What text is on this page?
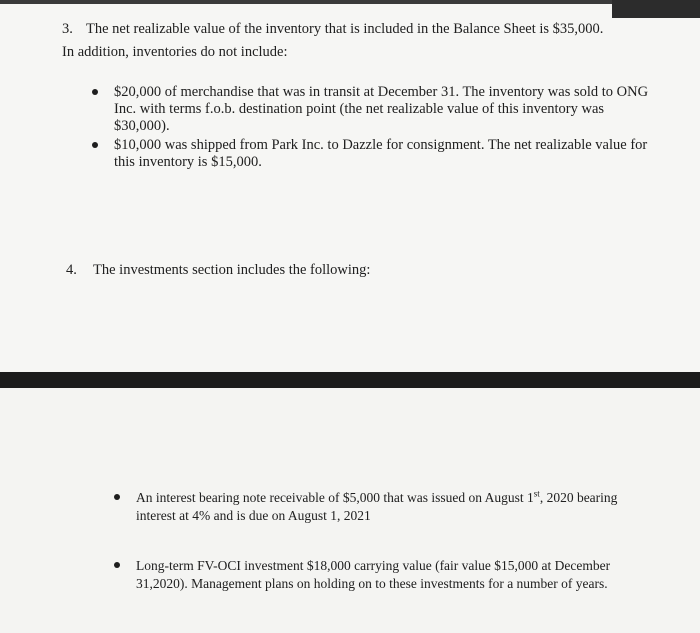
3. The net realizable value of the inventory that is included in the Balance Sheet is $35,000.
In addition, inventories do not include:
$20,000 of merchandise that was in transit at December 31. The inventory was sold to ONG Inc. with terms f.o.b. destination point (the net realizable value of this inventory was $30,000).
$10,000 was shipped from Park Inc. to Dazzle for consignment. The net realizable value for this inventory is $15,000.
4. The investments section includes the following:
An interest bearing note receivable of $5,000 that was issued on August 1st, 2020 bearing interest at 4% and is due on August 1, 2021
Long-term FV-OCI investment $18,000 carrying value (fair value $15,000 at December 31,2020). Management plans on holding on to these investments for a number of years.
